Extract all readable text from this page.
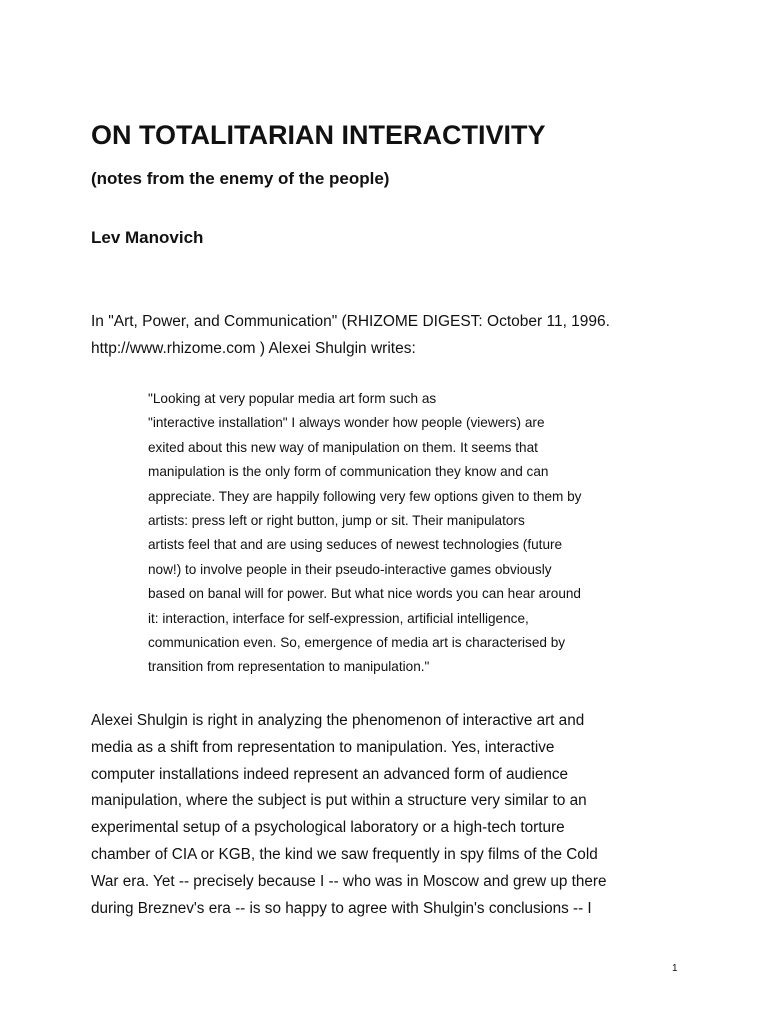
ON TOTALITARIAN INTERACTIVITY
(notes from the enemy of the people)
Lev Manovich

In "Art, Power, and Communication" (RHIZOME DIGEST: October 11, 1996.
http://www.rhizome.com ) Alexei Shulgin writes:

"Looking at very popular media art form such as
"interactive installation" I always wonder how people (viewers) are
exited about this new way of manipulation on them. It seems that
manipulation is the only form of communication they know and can
appreciate. They are happily following very few options given to them by
artists: press left or right button, jump or sit. Their manipulators
artists feel that and are using seduces of newest technologies (future
now!) to involve people in their pseudo-interactive games obviously
based on banal will for power. But what nice words you can hear around
it: interaction, interface for self-expression, artificial intelligence,
communication even. So, emergence of media art is characterised by
transition from representation to manipulation."

Alexei Shulgin is right in analyzing the phenomenon of interactive art and
media as a shift from representation to manipulation. Yes, interactive
computer installations indeed represent an advanced form of audience
manipulation, where the subject is put within a structure very similar to an
experimental setup of a psychological laboratory or a high-tech torture
chamber of CIA or KGB, the kind we saw frequently in spy films of the Cold
War era. Yet -- precisely because I -- who was in Moscow and grew up there
during Breznev's era -- is so happy to agree with Shulgin's conclusions -- I

1
